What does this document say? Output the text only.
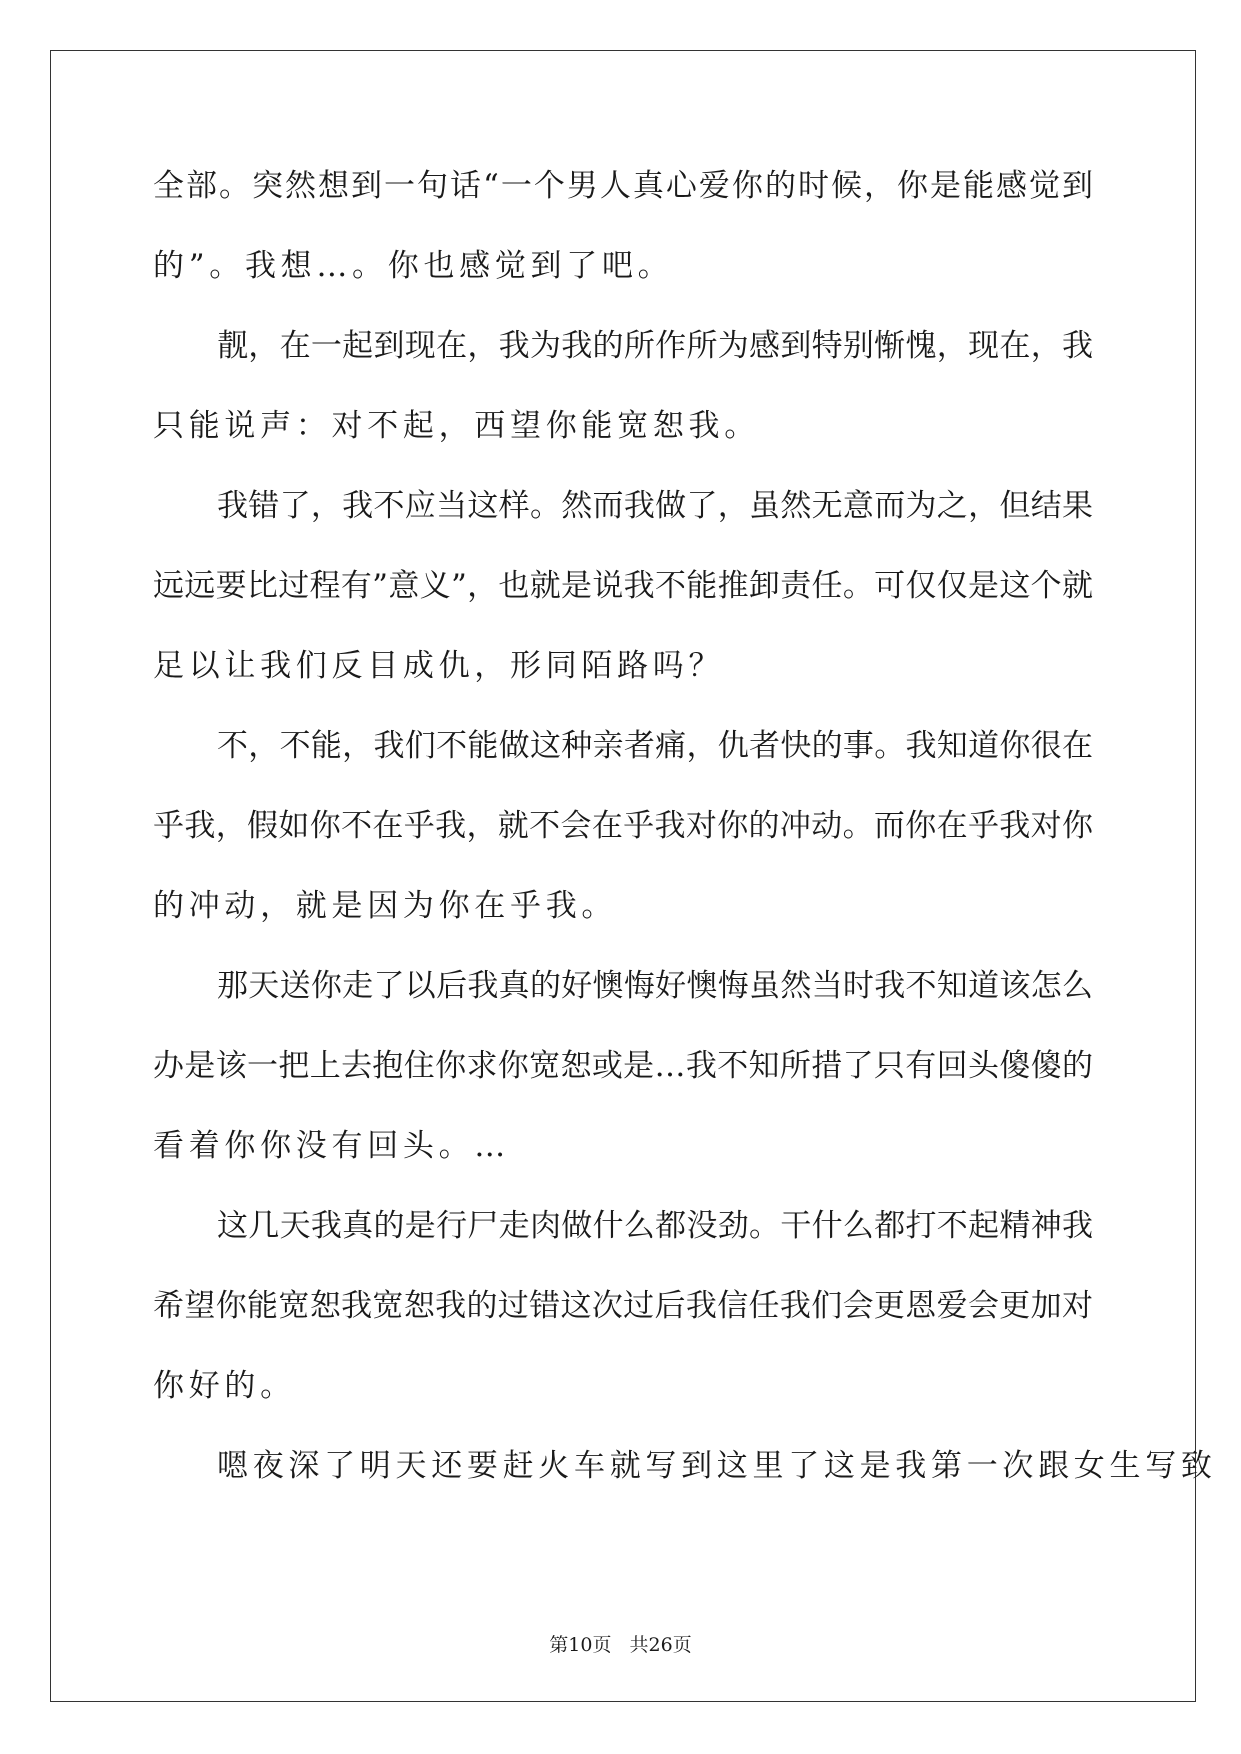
全部。突然想到一句话“一个男人真心爱你的时候，你是能感觉到
的”。我想…。你也感觉到了吧。
靓，在一起到现在，我为我的所作所为感到特别惭愧，现在，我
只能说声：对不起，西望你能宽恕我。
我错了，我不应当这样。然而我做了，虽然无意而为之，但结果
远远要比过程有”意义”，也就是说我不能推卸责任。可仅仅是这个就
足以让我们反目成仇，形同陌路吗？
不，不能，我们不能做这种亲者痛，仇者快的事。我知道你很在
乎我，假如你不在乎我，就不会在乎我对你的冲动。而你在乎我对你
的冲动，就是因为你在乎我。
那天送你走了以后我真的好懊悔好懊悔虽然当时我不知道该怎么
办是该一把上去抱住你求你宽恕或是…我不知所措了只有回头傻傻的
看着你你没有回头。…
这几天我真的是行尸走肉做什么都没劲。干什么都打不起精神我
希望你能宽恕我宽恕我的过错这次过后我信任我们会更恩爱会更加对
你好的。
嗯夜深了明天还要赶火车就写到这里了这是我第一次跟女生写致
第10页 共26页
